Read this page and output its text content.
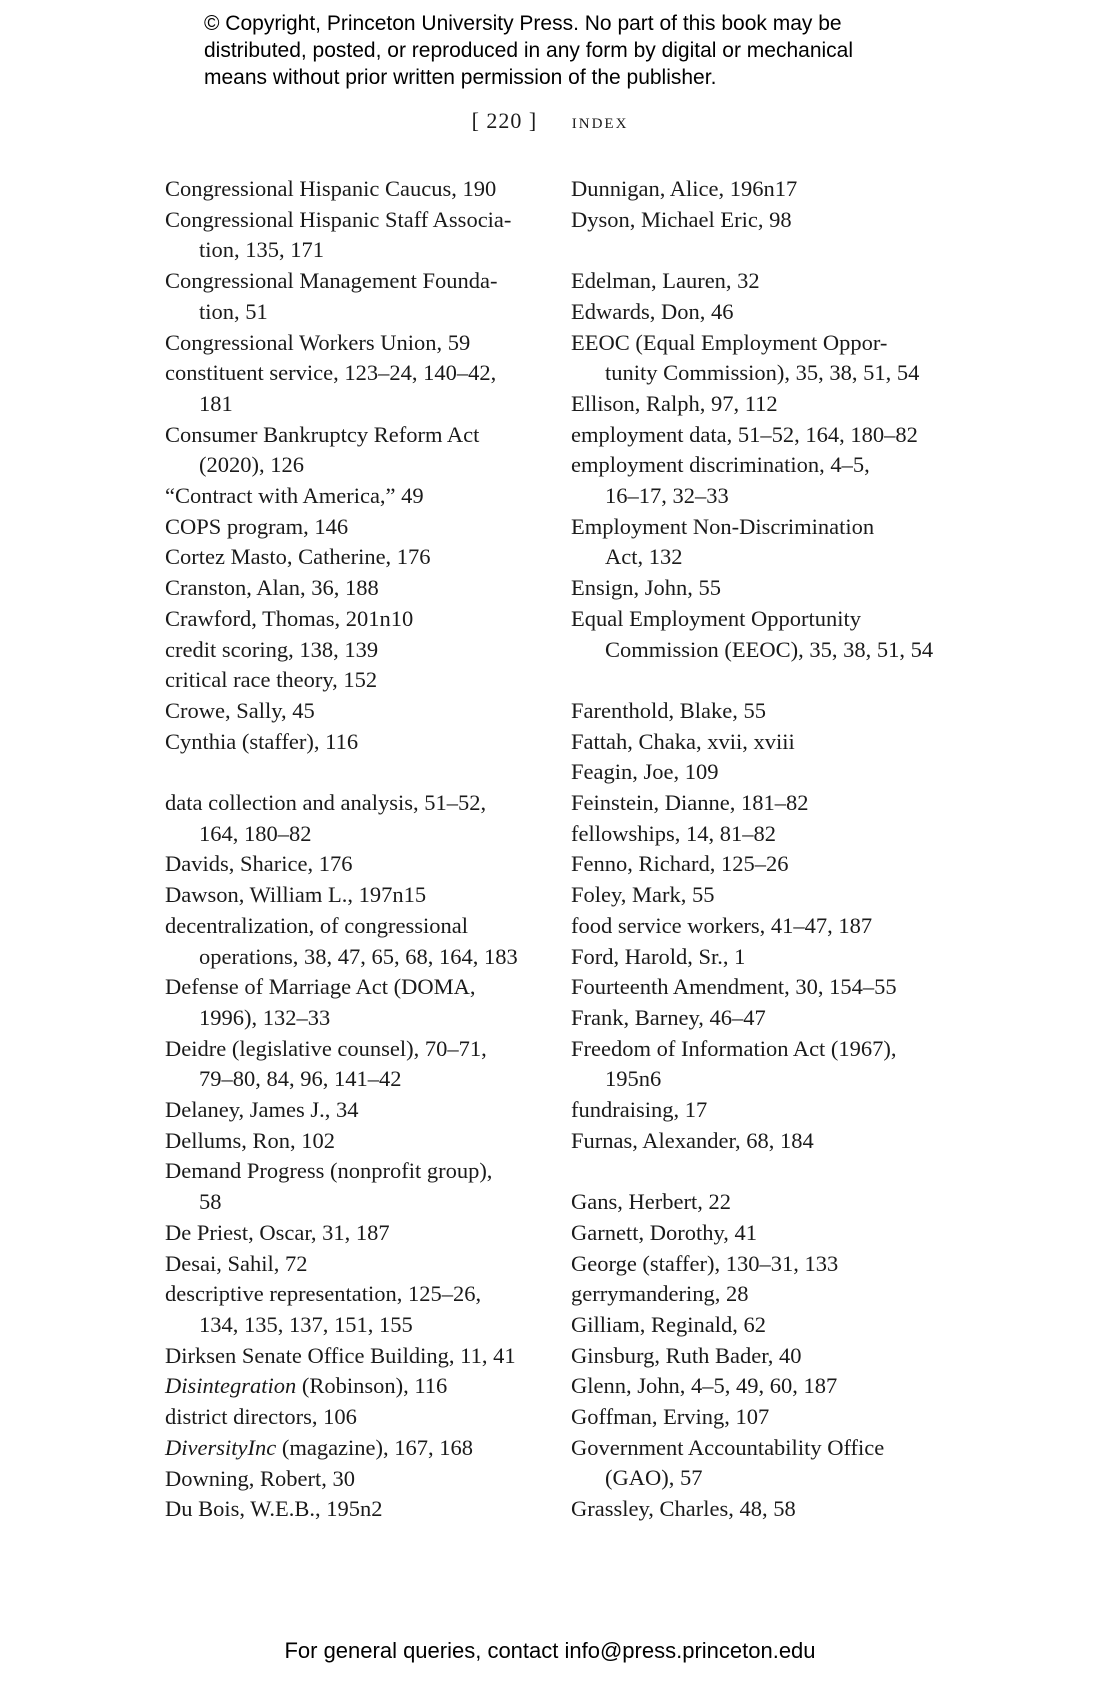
© Copyright, Princeton University Press. No part of this book may be
distributed, posted, or reproduced in any form by digital or mechanical
means without prior written permission of the publisher.
[ 220 ] index
Congressional Hispanic Caucus, 190
Congressional Hispanic Staff Associa-
tion, 135, 171
Congressional Management Founda-
tion, 51
Congressional Workers Union, 59
constituent service, 123–24, 140–42,
181
Consumer Bankruptcy Reform Act
(2020), 126
“Contract with America,” 49
COPS program, 146
Cortez Masto, Catherine, 176
Cranston, Alan, 36, 188
Crawford, Thomas, 201n10
credit scoring, 138, 139
critical race theory, 152
Crowe, Sally, 45
Cynthia (staffer), 116
data collection and analysis, 51–52,
164, 180–82
Davids, Sharice, 176
Dawson, William L., 197n15
decentralization, of congressional
operations, 38, 47, 65, 68, 164, 183
Defense of Marriage Act (DOMA,
1996), 132–33
Deidre (legislative counsel), 70–71,
79–80, 84, 96, 141–42
Delaney, James J., 34
Dellums, Ron, 102
Demand Progress (nonprofit group),
58
De Priest, Oscar, 31, 187
Desai, Sahil, 72
descriptive representation, 125–26,
134, 135, 137, 151, 155
Dirksen Senate Office Building, 11, 41
Disintegration (Robinson), 116
district directors, 106
DiversityInc (magazine), 167, 168
Downing, Robert, 30
Du Bois, W.E.B., 195n2
Dunnigan, Alice, 196n17
Dyson, Michael Eric, 98
Edelman, Lauren, 32
Edwards, Don, 46
EEOC (Equal Employment Oppor-
tunity Commission), 35, 38, 51, 54
Ellison, Ralph, 97, 112
employment data, 51–52, 164, 180–82
employment discrimination, 4–5,
16–17, 32–33
Employment Non-Discrimination
Act, 132
Ensign, John, 55
Equal Employment Opportunity
Commission (EEOC), 35, 38, 51, 54
Farenthold, Blake, 55
Fattah, Chaka, xvii, xviii
Feagin, Joe, 109
Feinstein, Dianne, 181–82
fellowships, 14, 81–82
Fenno, Richard, 125–26
Foley, Mark, 55
food service workers, 41–47, 187
Ford, Harold, Sr., 1
Fourteenth Amendment, 30, 154–55
Frank, Barney, 46–47
Freedom of Information Act (1967),
195n6
fundraising, 17
Furnas, Alexander, 68, 184
Gans, Herbert, 22
Garnett, Dorothy, 41
George (staffer), 130–31, 133
gerrymandering, 28
Gilliam, Reginald, 62
Ginsburg, Ruth Bader, 40
Glenn, John, 4–5, 49, 60, 187
Goffman, Erving, 107
Government Accountability Office
(GAO), 57
Grassley, Charles, 48, 58
For general queries, contact info@press.princeton.edu
